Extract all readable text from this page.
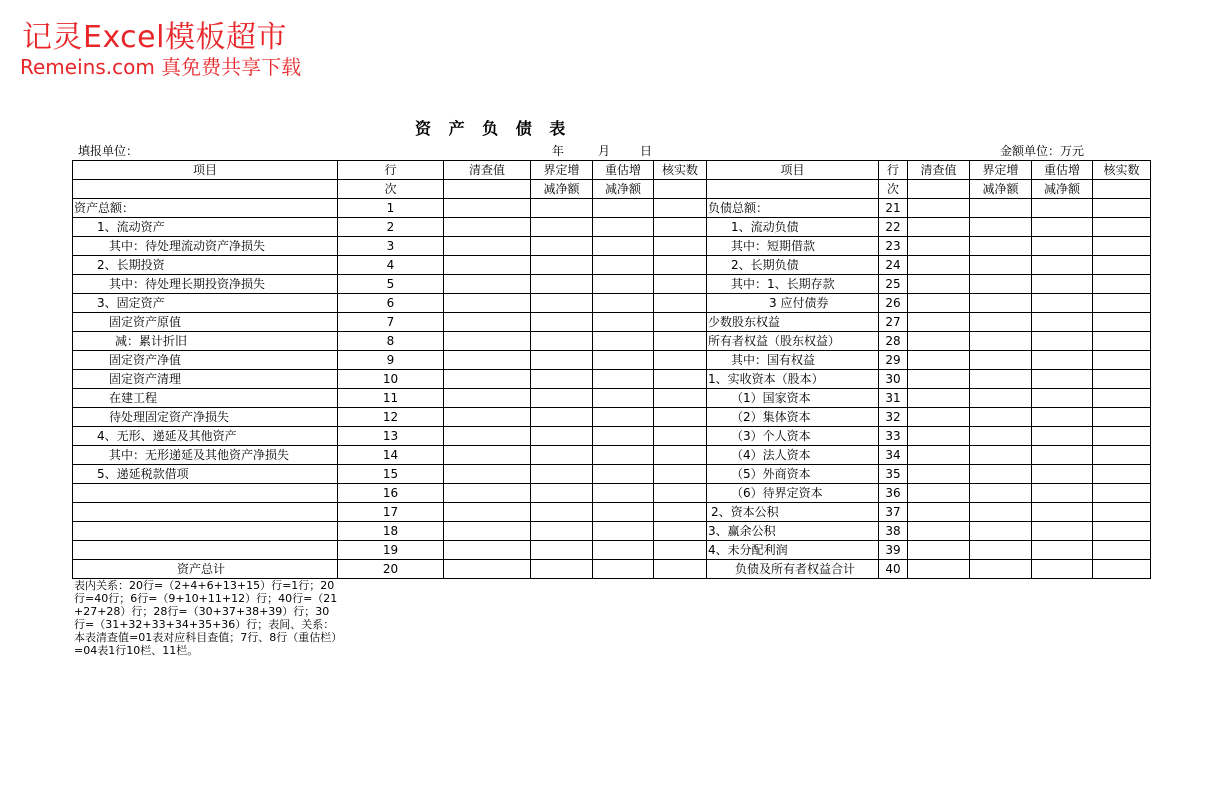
记灵Excel模板超市
Remeins.com 真免费共享下载
资 产 负 债 表
填报单位：	年	月 日	金额单位：万元
项目	行	清查值	界定增	重估增	核实数	项目	行	清查值	界定增	重估增	核实数
	次		减净额	减净额			次		减净额	减净额	
资产总额：	1					负债总额：	21				
1、流动资产	2					1、流动负债	22				
其中：待处理流动资产净损失	3					其中：短期借款	23				
2、长期投资	4					2、长期负债	24				
其中：待处理长期投资净损失	5					其中：1、长期存款	25				
3、固定资产	6					3 应付债券	26				
固定资产原值	7					少数股东权益	27				
减：累计折旧	8					所有者权益（股东权益）	28				
固定资产净值	9					其中：国有权益	29				
固定资产清理	10					1、实收资本（股本）	30				
在建工程	11					（1）国家资本	31				
待处理固定资产净损失	12					（2）集体资本	32				
4、无形、递延及其他资产	13					（3）个人资本	33				
其中：无形递延及其他资产净损失	14					（4）法人资本	34				
5、递延税款借项	15					（5）外商资本	35				
	16					（6）待界定资本	36				
	17					2、资本公积	37				
	18					3、赢余公积	38				
	19					4、未分配利润	39				
资产总计	20					负债及所有者权益合计	40				
表内关系：20行=（2+4+6+13+15）行=1行；20行=40行；6行=（9+10+11+12）行；40行=（21+27+28）行；28行=（30+37+38+39）行；30行=（31+32+33+34+35+36）行；表间、关系：本表清查值=01表对应科目查值；7行、8行（重估栏）=04表1行10栏、11栏。
